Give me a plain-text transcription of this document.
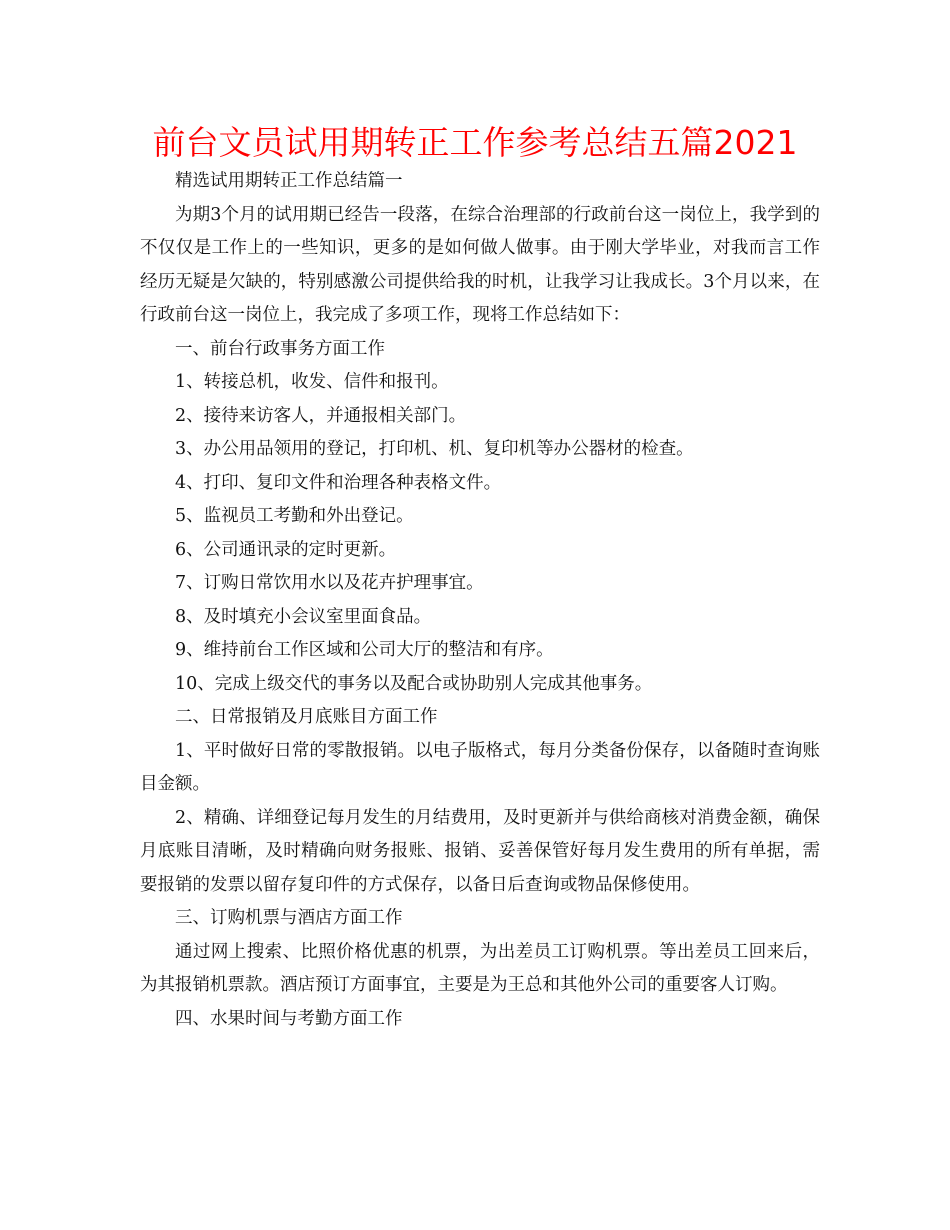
前台文员试用期转正工作参考总结五篇2021

精选试用期转正工作总结篇一

为期3个月的试用期已经告一段落，在综合治理部的行政前台这一岗位上，我学到的不仅仅是工作上的一些知识，更多的是如何做人做事。由于刚大学毕业，对我而言工作经历无疑是欠缺的，特别感激公司提供给我的时机，让我学习让我成长。3个月以来，在行政前台这一岗位上，我完成了多项工作，现将工作总结如下：

一、前台行政事务方面工作

1、转接总机，收发、信件和报刊。

2、接待来访客人，并通报相关部门。

3、办公用品领用的登记，打印机、机、复印机等办公器材的检查。

4、打印、复印文件和治理各种表格文件。

5、监视员工考勤和外出登记。

6、公司通讯录的定时更新。

7、订购日常饮用水以及花卉护理事宜。

8、及时填充小会议室里面食品。

9、维持前台工作区域和公司大厅的整洁和有序。

10、完成上级交代的事务以及配合或协助别人完成其他事务。

二、日常报销及月底账目方面工作

1、平时做好日常的零散报销。以电子版格式，每月分类备份保存，以备随时查询账目金额。

2、精确、详细登记每月发生的月结费用，及时更新并与供给商核对消费金额，确保月底账目清晰，及时精确向财务报账、报销、妥善保管好每月发生费用的所有单据，需要报销的发票以留存复印件的方式保存，以备日后查询或物品保修使用。

三、订购机票与酒店方面工作

通过网上搜索、比照价格优惠的机票，为出差员工订购机票。等出差员工回来后，为其报销机票款。酒店预订方面事宜，主要是为王总和其他外公司的重要客人订购。

四、水果时间与考勤方面工作
